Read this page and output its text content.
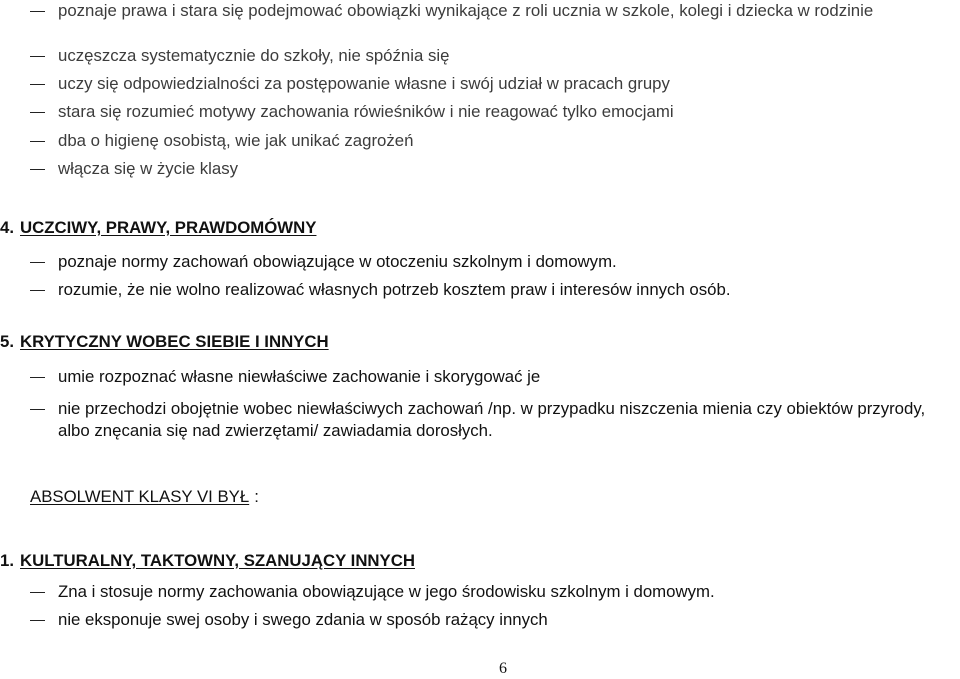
poznaje prawa i stara się podejmować obowiązki wynikające z roli ucznia w szkole, kolegi i dziecka w rodzinie
uczęszcza systematycznie do szkoły, nie spóźnia się
uczy się odpowiedzialności za postępowanie własne i swój udział w pracach grupy
stara się rozumieć motywy zachowania rówieśników i nie reagować tylko emocjami
dba o higienę osobistą, wie jak unikać zagrożeń
włącza się w życie klasy
4. UCZCIWY, PRAWY, PRAWDOMÓWNY
poznaje normy zachowań obowiązujące w otoczeniu szkolnym i domowym.
rozumie, że nie wolno realizować własnych potrzeb kosztem praw i interesów innych osób.
5. KRYTYCZNY WOBEC SIEBIE I INNYCH
umie rozpoznać własne niewłaściwe zachowanie i skorygować je
nie przechodzi obojętnie wobec niewłaściwych zachowań /np. w przypadku niszczenia mienia czy obiektów przyrody, albo znęcania się nad zwierzętami/ zawiadamia dorosłych.
ABSOLWENT KLASY VI BYŁ :
1. KULTURALNY, TAKTOWNY, SZANUJĄCY INNYCH
Zna i stosuje normy zachowania obowiązujące w jego środowisku szkolnym i domowym.
nie eksponuje swej osoby i swego zdania w sposób rażący innych
6
